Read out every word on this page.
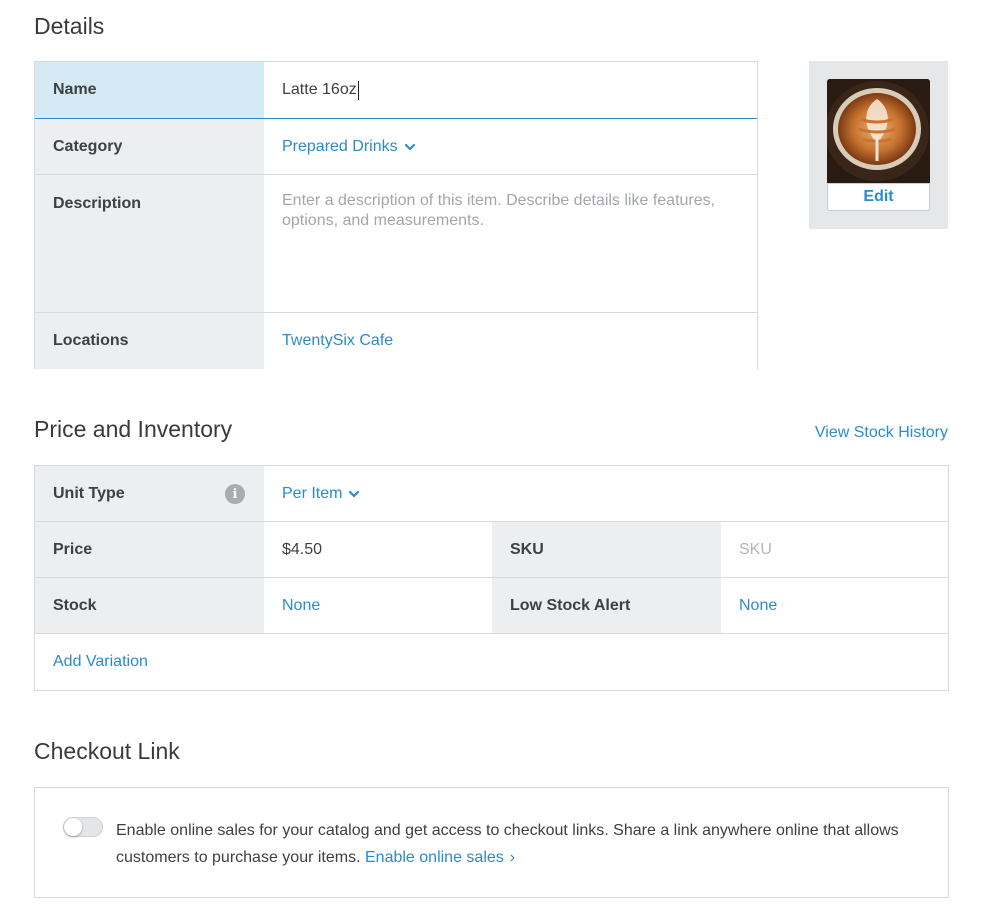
Details
Name	Latte 16oz
Category	Prepared Drinks
Description	Enter a description of this item. Describe details like features, options, and measurements.
Locations	TwentySix Cafe
Edit
Price and Inventory	View Stock History
Unit Type	i	Per Item
Price	$4.50	SKU	SKU
Stock	None	Low Stock Alert	None
Add Variation
Checkout Link

Enable online sales for your catalog and get access to checkout links. Share a link anywhere online that allows customers to purchase your items. Enable online sales ›
